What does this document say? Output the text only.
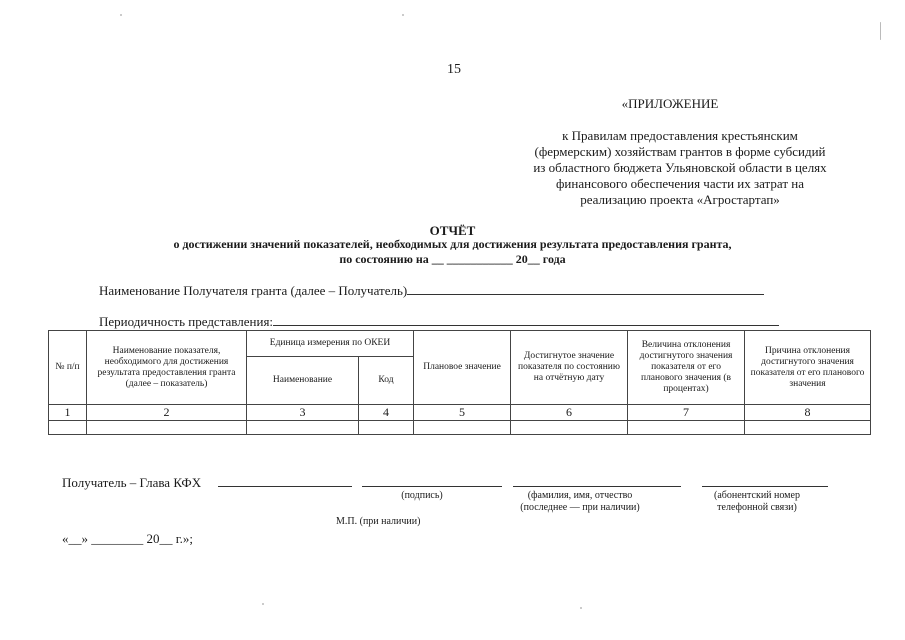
15
«ПРИЛОЖЕНИЕ
к Правилам предоставления крестьянским (фермерским) хозяйствам грантов в форме субсидий из областного бюджета Ульяновской области в целях финансового обеспечения части их затрат на реализацию проекта «Агростартап»
ОТЧЁТ
о достижении значений показателей, необходимых для достижения результата предоставления гранта,
по состоянию на __ ___________ 20__ года
Наименование Получателя гранта (далее – Получатель)
Периодичность представления:
№ п/п	Наименование показателя, необходимого для достижения результата предоставления гранта (далее – показатель)	Единица измерения по ОКЕИ		Плановое значение	Достигнутое значение показателя по состоянию на отчётную дату	Величина отклонения достигнутого значения показателя от его планового значения (в процентах)	Причина отклонения достигнутого значения показателя от его планового значения
		Наименование	Код				
1	2	3	4	5	6	7	8

Получатель – Глава КФХ
(подпись)	(фамилия, имя, отчество
(последнее — при наличии)
(абонентский номер
телефонной связи)
М.П. (при наличии)
«__» ________ 20__ г.»;
